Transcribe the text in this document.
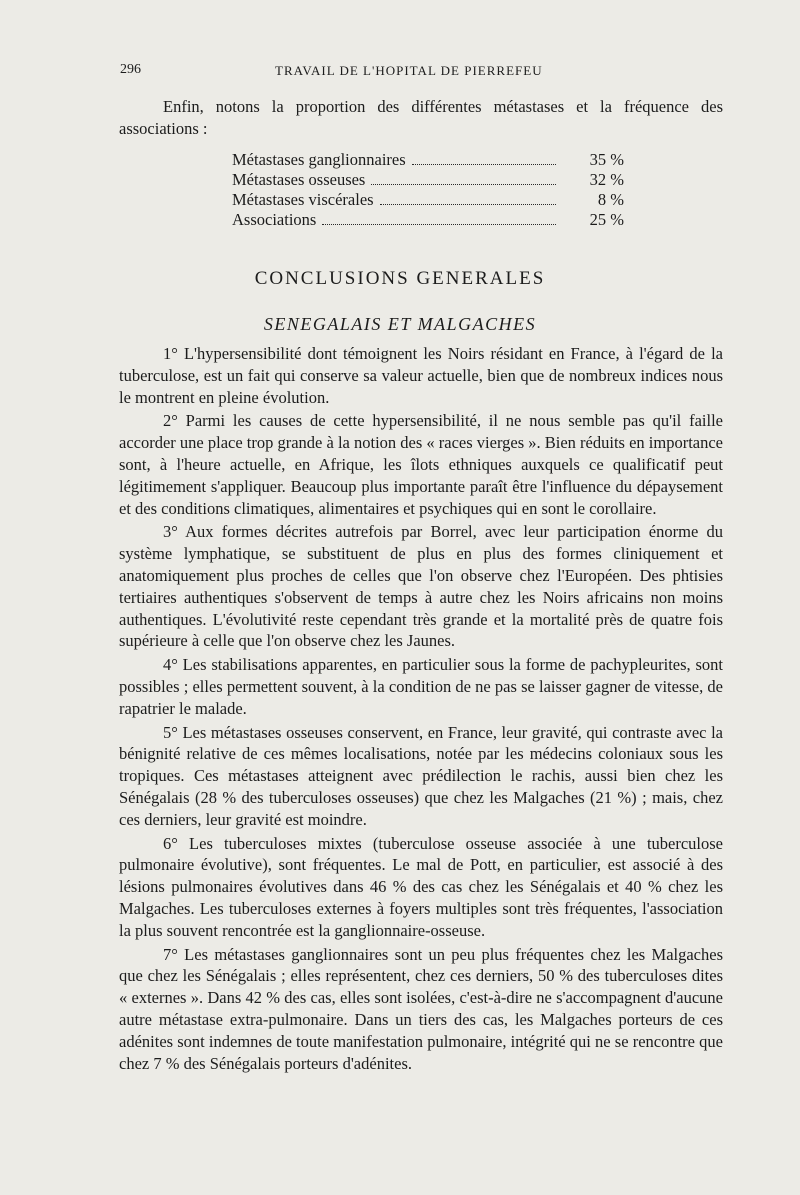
296	TRAVAIL DE L'HOPITAL DE PIERREFEU

Enfin, notons la proportion des différentes métastases et la fréquence des associations :

Métastases ganglionnaires	35 %
Métastases osseuses	32 %
Métastases viscérales	8 %
Associations	25 %
CONCLUSIONS GENERALES
SENEGALAIS ET MALGACHES

1° L'hypersensibilité dont témoignent les Noirs résidant en France, à l'égard de la tuberculose, est un fait qui conserve sa valeur actuelle, bien que de nombreux indices nous le montrent en pleine évolution.

2° Parmi les causes de cette hypersensibilité, il ne nous semble pas qu'il faille accorder une place trop grande à la notion des « races vierges ». Bien réduits en importance sont, à l'heure actuelle, en Afrique, les îlots ethniques auxquels ce qualificatif peut légitimement s'appliquer. Beaucoup plus importante paraît être l'influence du dépaysement et des conditions climatiques, alimentaires et psychiques qui en sont le corollaire.

3° Aux formes décrites autrefois par Borrel, avec leur participation énorme du système lymphatique, se substituent de plus en plus des formes cliniquement et anatomiquement plus proches de celles que l'on observe chez l'Européen. Des phtisies tertiaires authentiques s'observent de temps à autre chez les Noirs africains non moins authentiques. L'évolutivité reste cependant très grande et la mortalité près de quatre fois supérieure à celle que l'on observe chez les Jaunes.

4° Les stabilisations apparentes, en particulier sous la forme de pachypleurites, sont possibles ; elles permettent souvent, à la condition de ne pas se laisser gagner de vitesse, de rapatrier le malade.

5° Les métastases osseuses conservent, en France, leur gravité, qui contraste avec la bénignité relative de ces mêmes localisations, notée par les médecins coloniaux sous les tropiques. Ces métastases atteignent avec prédilection le rachis, aussi bien chez les Sénégalais (28 % des tuberculoses osseuses) que chez les Malgaches (21 %) ; mais, chez ces derniers, leur gravité est moindre.

6° Les tuberculoses mixtes (tuberculose osseuse associée à une tuberculose pulmonaire évolutive), sont fréquentes. Le mal de Pott, en particulier, est associé à des lésions pulmonaires évolutives dans 46 % des cas chez les Sénégalais et 40 % chez les Malgaches. Les tuberculoses externes à foyers multiples sont très fréquentes, l'association la plus souvent rencontrée est la ganglionnaire-osseuse.

7° Les métastases ganglionnaires sont un peu plus fréquentes chez les Malgaches que chez les Sénégalais ; elles représentent, chez ces derniers, 50 % des tuberculoses dites « externes ». Dans 42 % des cas, elles sont isolées, c'est-à-dire ne s'accompagnent d'aucune autre métastase extra-pulmonaire. Dans un tiers des cas, les Malgaches porteurs de ces adénites sont indemnes de toute manifestation pulmonaire, intégrité qui ne se rencontre que chez 7 % des Sénégalais porteurs d'adénites.
